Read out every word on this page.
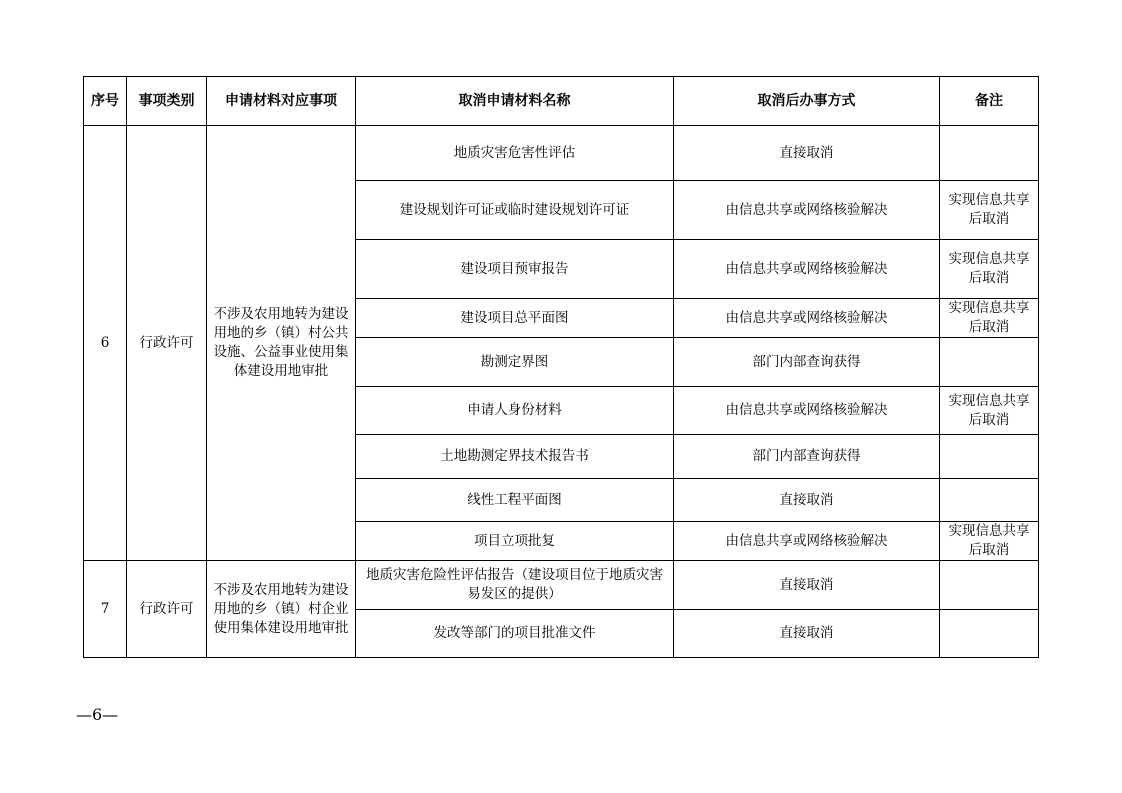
序号	事项类别	申请材料对应事项	取消申请材料名称	取消后办事方式	备注
6	行政许可	不涉及农用地转为建设用地的乡（镇）村公共设施、公益事业使用集体建设用地审批	地质灾害危害性评估	直接取消	
			建设规划许可证或临时建设规划许可证	由信息共享或网络核验解决	实现信息共享后取消
			建设项目预审报告	由信息共享或网络核验解决	实现信息共享后取消
			建设项目总平面图	由信息共享或网络核验解决	实现信息共享后取消
			勘测定界图	部门内部查询获得	
			申请人身份材料	由信息共享或网络核验解决	实现信息共享后取消
			土地勘测定界技术报告书	部门内部查询获得	
			线性工程平面图	直接取消	
			项目立项批复	由信息共享或网络核验解决	实现信息共享后取消
7	行政许可	不涉及农用地转为建设用地的乡（镇）村企业使用集体建设用地审批	地质灾害危险性评估报告（建设项目位于地质灾害易发区的提供）	直接取消	
			发改等部门的项目批准文件	直接取消	
—6—
